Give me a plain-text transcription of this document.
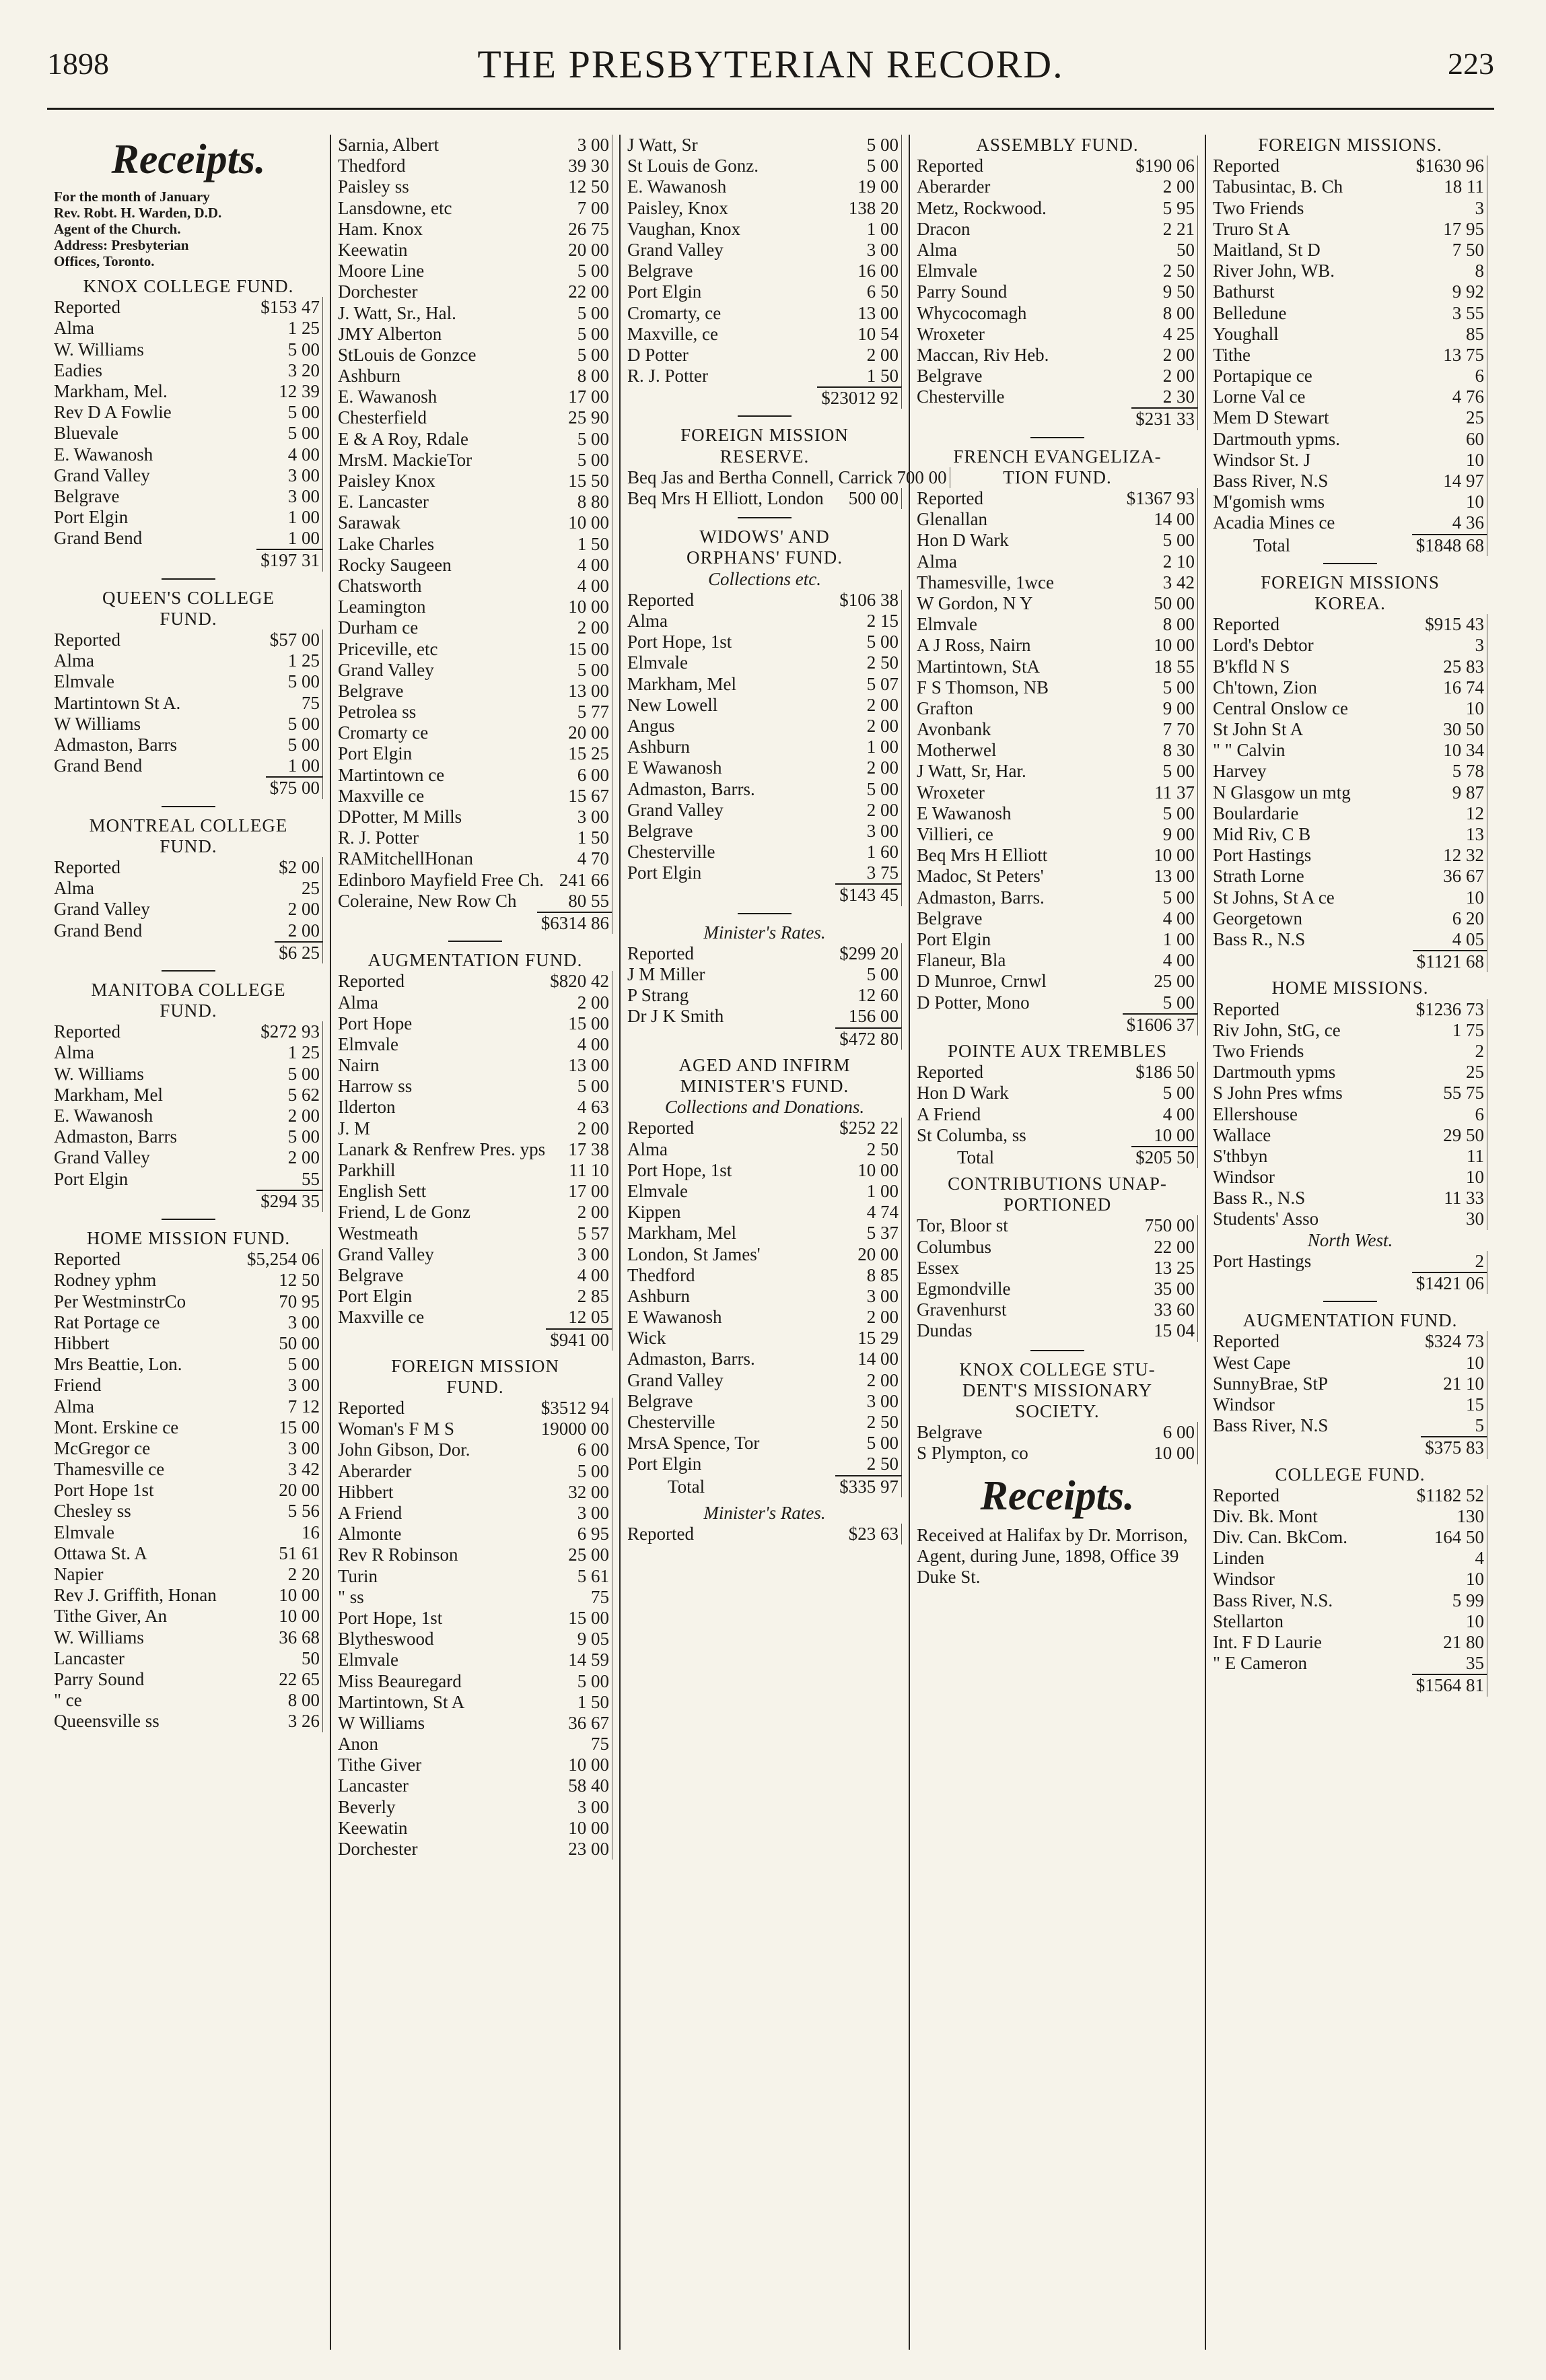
1898	THE PRESBYTERIAN RECORD.	223
Receipts.
For the month of January
Rev. Robt. H. Warden, D.D.
Agent of the Church.
Address: Presbyterian
Offices, Toronto.
KNOX COLLEGE FUND.
Reported	$153 47
Alma	1 25
W. Williams	5 00
Eadies	3 20
Markham, Mel.	12 39
Rev D A Fowlie	5 00
Bluevale	5 00
E. Wawanosh	4 00
Grand Valley	3 00
Belgrave	3 00
Port Elgin	1 00
Grand Bend	1 00
$197 31
QUEEN'S COLLEGE
FUND.
Reported	$57 00
Alma	1 25
Elmvale	5 00
Martintown St A.	75
W Williams	5 00
Admaston, Barrs	5 00
Grand Bend	1 00
$75 00
MONTREAL COLLEGE
FUND.
Reported	$2 00
Alma	25
Grand Valley	2 00
Grand Bend	2 00
$6 25
MANITOBA COLLEGE
FUND.
Reported	$272 93
Alma	1 25
W. Williams	5 00
Markham, Mel	5 62
E. Wawanosh	2 00
Admaston, Barrs	5 00
Grand Valley	2 00
Port Elgin	55
$294 35
HOME MISSION FUND.
Reported	$5,254 06
Rodney yphm	12 50
Per WestminstrCo	70 95
Rat Portage ce	3 00
Hibbert	50 00
Mrs Beattie, Lon.	5 00
Friend	3 00
Alma	7 12
Mont. Erskine ce	15 00
McGregor ce	3 00
Thamesville ce	3 42
Port Hope 1st	20 00
Chesley ss	5 56
Elmvale	16
Ottawa St. A	51 61
Napier	2 20
Rev J. Griffith, Honan	10 00
Tithe Giver, An	10 00
W. Williams	36 68
Lancaster	50
Parry Sound	22 65
" ce	8 00
Queensville ss	3 26
Sarnia, Albert	3 00
Thedford	39 30
Paisley ss	12 50
Lansdowne, etc	7 00
Ham. Knox	26 75
Keewatin	20 00
Moore Line	5 00
Dorchester	22 00
J. Watt, Sr., Hal.	5 00
JMY Alberton	5 00
StLouis de Gonzce	5 00
Ashburn	8 00
E. Wawanosh	17 00
Chesterfield	25 90
E & A Roy, Rdale	5 00
MrsM. MackieTor	5 00
Paisley Knox	15 50
E. Lancaster	8 80
Sarawak	10 00
Lake Charles	1 50
Rocky Saugeen	4 00
Chatsworth	4 00
Leamington	10 00
Durham ce	2 00
Priceville, etc	15 00
Grand Valley	5 00
Belgrave	13 00
Petrolea ss	5 77
Cromarty ce	20 00
Port Elgin	15 25
Martintown ce	6 00
Maxville ce	15 67
DPotter, M Mills	3 00
R. J. Potter	1 50
RAMitchellHonan	4 70
Edinboro Mayfield Free Ch. 241 66
Coleraine, New Row Ch	80 55
$6314 86
AUGMENTATION FUND.
Reported	$820 42
Alma	2 00
Port Hope	15 00
Elmvale	4 00
Nairn	13 00
Harrow ss	5 00
Ilderton	4 63
J. M	2 00
Lanark & Renfrew Pres. yps	17 38
Parkhill	11 10
English Sett	17 00
Friend, L de Gonz	2 00
Westmeath	5 57
Grand Valley	3 00
Belgrave	4 00
Port Elgin	2 85
Maxville ce	12 05
$941 00
FOREIGN MISSION
FUND.
Reported	$3512 94
Woman's F M S	19000 00
John Gibson, Dor.	6 00
Aberarder	5 00
Hibbert	32 00
A Friend	3 00
Almonte	6 95
Rev R Robinson	25 00
Turin	5 61
" ss	75
Port Hope, 1st	15 00
Blytheswood	9 05
Elmvale	14 59
Miss Beauregard	5 00
Martintown, St A	1 50
W Williams	36 67
Anon	75
Tithe Giver	10 00
Lancaster	58 40
Beverly	3 00
Keewatin	10 00
Dorchester	23 00
J Watt, Sr	5 00
St Louis de Gonz.	5 00
E. Wawanosh	19 00
Paisley, Knox	138 20
Vaughan, Knox	1 00
Grand Valley	3 00
Belgrave	16 00
Port Elgin	6 50
Cromarty, ce	13 00
Maxville, ce	10 54
D Potter	2 00
R. J. Potter	1 50
$23012 92
FOREIGN MISSION
RESERVE.
Beq Jas and Bertha Connell, Carrick 700 00
Beq Mrs H Elliott, London	500 00
WIDOWS' AND
ORPHANS' FUND.
Collections etc.
Reported	$106 38
Alma	2 15
Port Hope, 1st	5 00
Elmvale	2 50
Markham, Mel	5 07
New Lowell	2 00
Angus	2 00
Ashburn	1 00
E Wawanosh	2 00
Admaston, Barrs.	5 00
Grand Valley	2 00
Belgrave	3 00
Chesterville	1 60
Port Elgin	3 75
$143 45
Minister's Rates.
Reported	$299 20
J M Miller	5 00
P Strang	12 60
Dr J K Smith	156 00
$472 80
AGED AND INFIRM
MINISTER'S FUND.
Collections and Donations.
Reported	$252 22
Alma	2 50
Port Hope, 1st	10 00
Elmvale	1 00
Kippen	4 74
Markham, Mel	5 37
London, St James'	20 00
Thedford	8 85
Ashburn	3 00
E Wawanosh	2 00
Wick	15 29
Admaston, Barrs.	14 00
Grand Valley	2 00
Belgrave	3 00
Chesterville	2 50
MrsA Spence, Tor	5 00
Port Elgin	2 50
Total	$335 97
Minister's Rates.
Reported	$23 63
ASSEMBLY FUND.
Reported	$190 06
Aberarder	2 00
Metz, Rockwood.	5 95
Dracon	2 21
Alma	50
Elmvale	2 50
Parry Sound	9 50
Whycocomagh	8 00
Wroxeter	4 25
Maccan, Riv Heb.	2 00
Belgrave	2 00
Chesterville	2 30
$231 33
FRENCH EVANGELIZA-
TION FUND.
Reported	$1367 93
Glenallan	14 00
Hon D Wark	5 00
Alma	2 10
Thamesville, 1wce	3 42
W Gordon, N Y	50 00
Elmvale	8 00
A J Ross, Nairn	10 00
Martintown, StA	18 55
F S Thomson, NB	5 00
Grafton	9 00
Avonbank	7 70
Motherwel	8 30
J Watt, Sr, Har.	5 00
Wroxeter	11 37
E Wawanosh	5 00
Villieri, ce	9 00
Beq Mrs H Elliott	10 00
Madoc, St Peters'	13 00
Admaston, Barrs.	5 00
Belgrave	4 00
Port Elgin	1 00
Flaneur, Bla	4 00
D Munroe, Crnwl	25 00
D Potter, Mono	5 00
$1606 37
POINTE AUX TREMBLES
Reported	$186 50
Hon D Wark	5 00
A Friend	4 00
St Columba, ss	10 00
Total	$205 50
CONTRIBUTIONS UNAP-
PORTIONED
Tor, Bloor st	750 00
Columbus	22 00
Essex	13 25
Egmondville	35 00
Gravenhurst	33 60
Dundas	15 04
KNOX COLLEGE STU-
DENT'S MISSIONARY
SOCIETY.
Belgrave	6 00
S Plympton, co	10 00
Receipts.
Received at Halifax by Dr. Morrison, Agent, during June, 1898, Office 39 Duke St.
FOREIGN MISSIONS.
Reported	$1630 96
Tabusintac, B. Ch	18 11
Two Friends	3
Truro St A	17 95
Maitland, St D	7 50
River John, WB.	8
Bathurst	9 92
Belledune	3 55
Youghall	85
Tithe	13 75
Portapique ce	6
Lorne Val ce	4 76
Mem D Stewart	25
Dartmouth ypms.	60
Windsor St. J	10
Bass River, N.S	14 97
M'gomish wms	10
Acadia Mines ce	4 36
Total	$1848 68
FOREIGN MISSIONS
KOREA.
Reported	$915 43
Lord's Debtor	3
B'kfld N S	25 83
Ch'town, Zion	16 74
Central Onslow ce	10
St John St A	30 50
" " Calvin	10 34
Harvey	5 78
N Glasgow un mtg	9 87
Boulardarie	12
Mid Riv, C B	13
Port Hastings	12 32
Strath Lorne	36 67
St Johns, St A ce	10
Georgetown	6 20
Bass R., N.S	4 05
$1121 68
HOME MISSIONS.
Reported	$1236 73
Riv John, StG, ce	1 75
Two Friends	2
Dartmouth ypms	25
S John Pres wfms	55 75
Ellershouse	6
Wallace	29 50
S'thbyn	11
Windsor	10
Bass R., N.S	11 33
Students' Asso	30
North West.
Port Hastings	2
$1421 06
AUGMENTATION FUND.
Reported	$324 73
West Cape	10
SunnyBrae, StP	21 10
Windsor	15
Bass River, N.S	5
$375 83
COLLEGE FUND.
Reported	$1182 52
Div. Bk. Mont	130
Div. Can. BkCom.	164 50
Linden	4
Windsor	10
Bass River, N.S.	5 99
Stellarton	10
Int. F D Laurie	21 80
" E Cameron	35
$1564 81
